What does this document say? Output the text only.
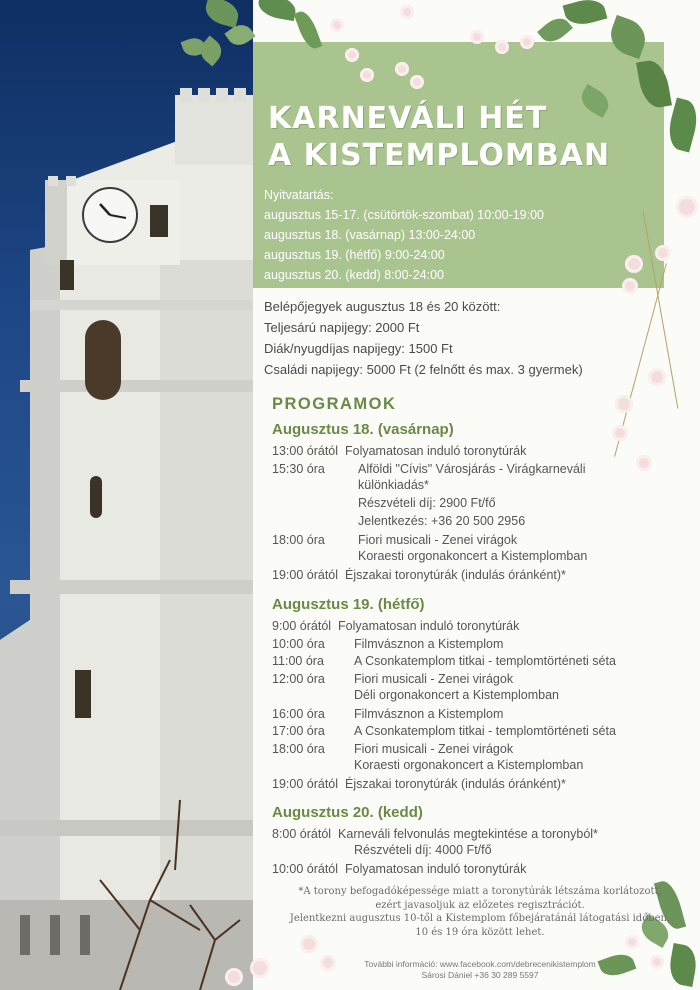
KARNEVÁLI HÉT
A KISTEMPLOMBAN
Nyitvatartás:
augusztus 15-17. (csütörtök-szombat) 10:00-19:00
augusztus 18. (vasárnap) 13:00-24:00
augusztus 19. (hétfő) 9:00-24:00
augusztus 20. (kedd) 8:00-24:00
Belépőjegyek augusztus 18 és 20 között:
Teljesárú napijegy: 2000 Ft
Diák/nyugdíjas napijegy: 1500 Ft
Családi napijegy: 5000 Ft (2 felnőtt és max. 3 gyermek)
PROGRAMOK
Augusztus 18. (vasárnap)
13:00 órától Folyamatosan induló toronytúrák
15:30 óra	Alföldi "Cívis" Városjárás - Virágkarneváli
különkiadás*
Részvételi díj: 2900 Ft/fő
Jelentkezés: +36 20 500 2956
18:00 óra	Fiori musicali - Zenei virágok
Koraesti orgonakoncert a Kistemplomban
19:00 órától Éjszakai toronytúrák (indulás óránként)*
Augusztus 19. (hétfő)
9:00 órától Folyamatosan induló toronytúrák
10:00 óra Filmvásznon a Kistemplom
11:00 óra A Csonkatemplom titkai - templomtörténeti séta
12:00 óra Fiori musicali - Zenei virágok
Déli orgonakoncert a Kistemplomban
16:00 óra Filmvásznon a Kistemplom
17:00 óra A Csonkatemplom titkai - templomtörténeti séta
18:00 óra Fiori musicali - Zenei virágok
Koraesti orgonakoncert a Kistemplomban
19:00 órától Éjszakai toronytúrák (indulás óránként)*
Augusztus 20. (kedd)
8:00 órától Karneváli felvonulás megtekintése a toronyból*
Részvételi díj: 4000 Ft/fő
10:00 órától Folyamatosan induló toronytúrák
*A torony befogadóképessége miatt a toronytúrák létszáma korlátozott,
ezért javasoljuk az előzetes regisztrációt.
Jelentkezni augusztus 10-től a Kistemplom főbejáratánál látogatási időben,
10 és 19 óra között lehet.
További információ: www.facebook.com/debrecenikistemplom
Sárosi Dániel +36 30 289 5597
